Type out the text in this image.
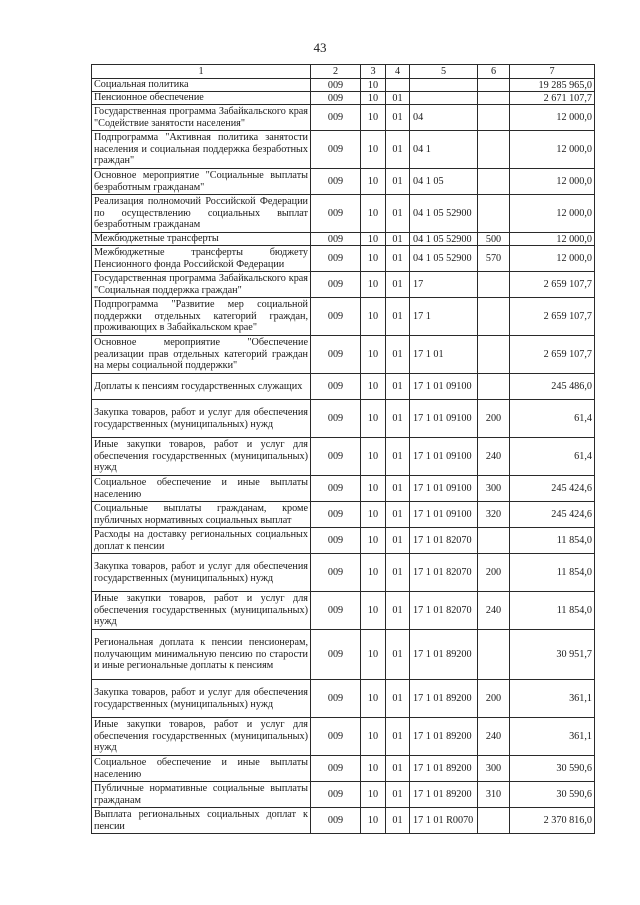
43
1	2	3	4	5	6	7
Социальная политика	009	10				19 285 965,0
Пенсионное обеспечение	009	10	01			2 671 107,7
Государственная программа Забайкальского края "Содействие занятости населения"	009	10	01	04		12 000,0
Подпрограмма "Активная политика занятости населения и социальная поддержка безработных граждан"	009	10	01	04 1		12 000,0
Основное мероприятие "Социальные выплаты безработным гражданам"	009	10	01	04 1 05		12 000,0
Реализация полномочий Российской Федерации по осуществлению социальных выплат безработным гражданам	009	10	01	04 1 05 52900		12 000,0
Межбюджетные трансферты	009	10	01	04 1 05 52900	500	12 000,0
Межбюджетные трансферты бюджету Пенсионного фонда Российской Федерации	009	10	01	04 1 05 52900	570	12 000,0
Государственная программа Забайкальского края "Социальная поддержка граждан"	009	10	01	17		2 659 107,7
Подпрограмма "Развитие мер социальной поддержки отдельных категорий граждан, проживающих в Забайкальском крае"	009	10	01	17 1		2 659 107,7
Основное мероприятие "Обеспечение реализации прав отдельных категорий граждан на меры социальной поддержки"	009	10	01	17 1 01		2 659 107,7
Доплаты к пенсиям государственных служащих	009	10	01	17 1 01 09100		245 486,0
Закупка товаров, работ и услуг для обеспечения государственных (муниципальных) нужд	009	10	01	17 1 01 09100	200	61,4
Иные закупки товаров, работ и услуг для обеспечения государственных (муниципальных) нужд	009	10	01	17 1 01 09100	240	61,4
Социальное обеспечение и иные выплаты населению	009	10	01	17 1 01 09100	300	245 424,6
Социальные выплаты гражданам, кроме публичных нормативных социальных выплат	009	10	01	17 1 01 09100	320	245 424,6
Расходы на доставку региональных социальных доплат к пенсии	009	10	01	17 1 01 82070		11 854,0
Закупка товаров, работ и услуг для обеспечения государственных (муниципальных) нужд	009	10	01	17 1 01 82070	200	11 854,0
Иные закупки товаров, работ и услуг для обеспечения государственных (муниципальных) нужд	009	10	01	17 1 01 82070	240	11 854,0
Региональная доплата к пенсии пенсионерам, получающим минимальную пенсию по старости и иные региональные доплаты к пенсиям	009	10	01	17 1 01 89200		30 951,7
Закупка товаров, работ и услуг для обеспечения государственных (муниципальных) нужд	009	10	01	17 1 01 89200	200	361,1
Иные закупки товаров, работ и услуг для обеспечения государственных (муниципальных) нужд	009	10	01	17 1 01 89200	240	361,1
Социальное обеспечение и иные выплаты населению	009	10	01	17 1 01 89200	300	30 590,6
Публичные нормативные социальные выплаты гражданам	009	10	01	17 1 01 89200	310	30 590,6
Выплата региональных социальных доплат к пенсии	009	10	01	17 1 01 R0070		2 370 816,0
